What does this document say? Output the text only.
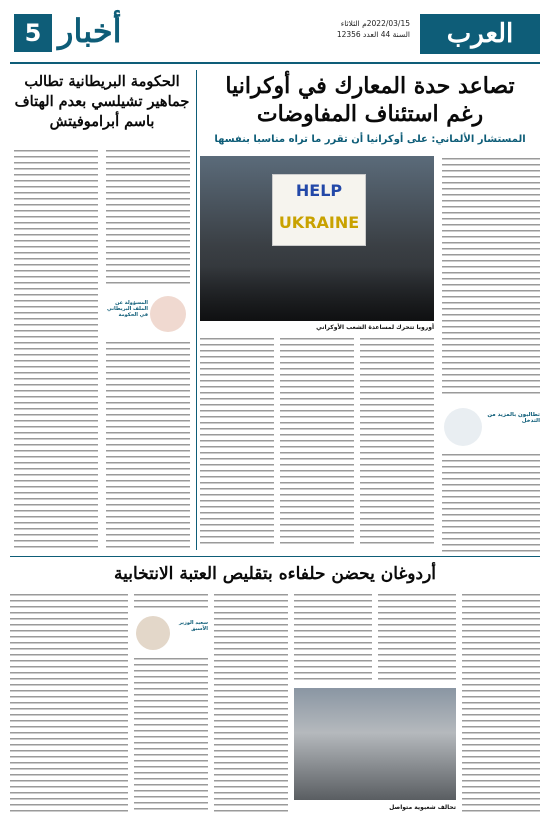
العرب
2022/03/15م الثلاثاء
السنة 44 العدد 12356
5 أخبار
تصاعد حدة المعارك في أوكرانيا
رغم استئناف المفاوضات
المستشار الألماني: على أوكرانيا أن تقرر ما تراه مناسبا بنفسها
تطالبون بالمزيد من التدخل
HELP
UKRAINE
أوروبا تتحرك لمساعدة الشعب الأوكراني
الحكومة البريطانية تطالب جماهير تشيلسي بعدم الهتاف باسم أبراموفيتش
المسؤولة عن الملف البريطاني في الحكومة
أردوغان يحضن حلفاءه بتقليص العتبة الانتخابية
تحالف شعبوية متواصل
سعيد الوزير الأسبق
